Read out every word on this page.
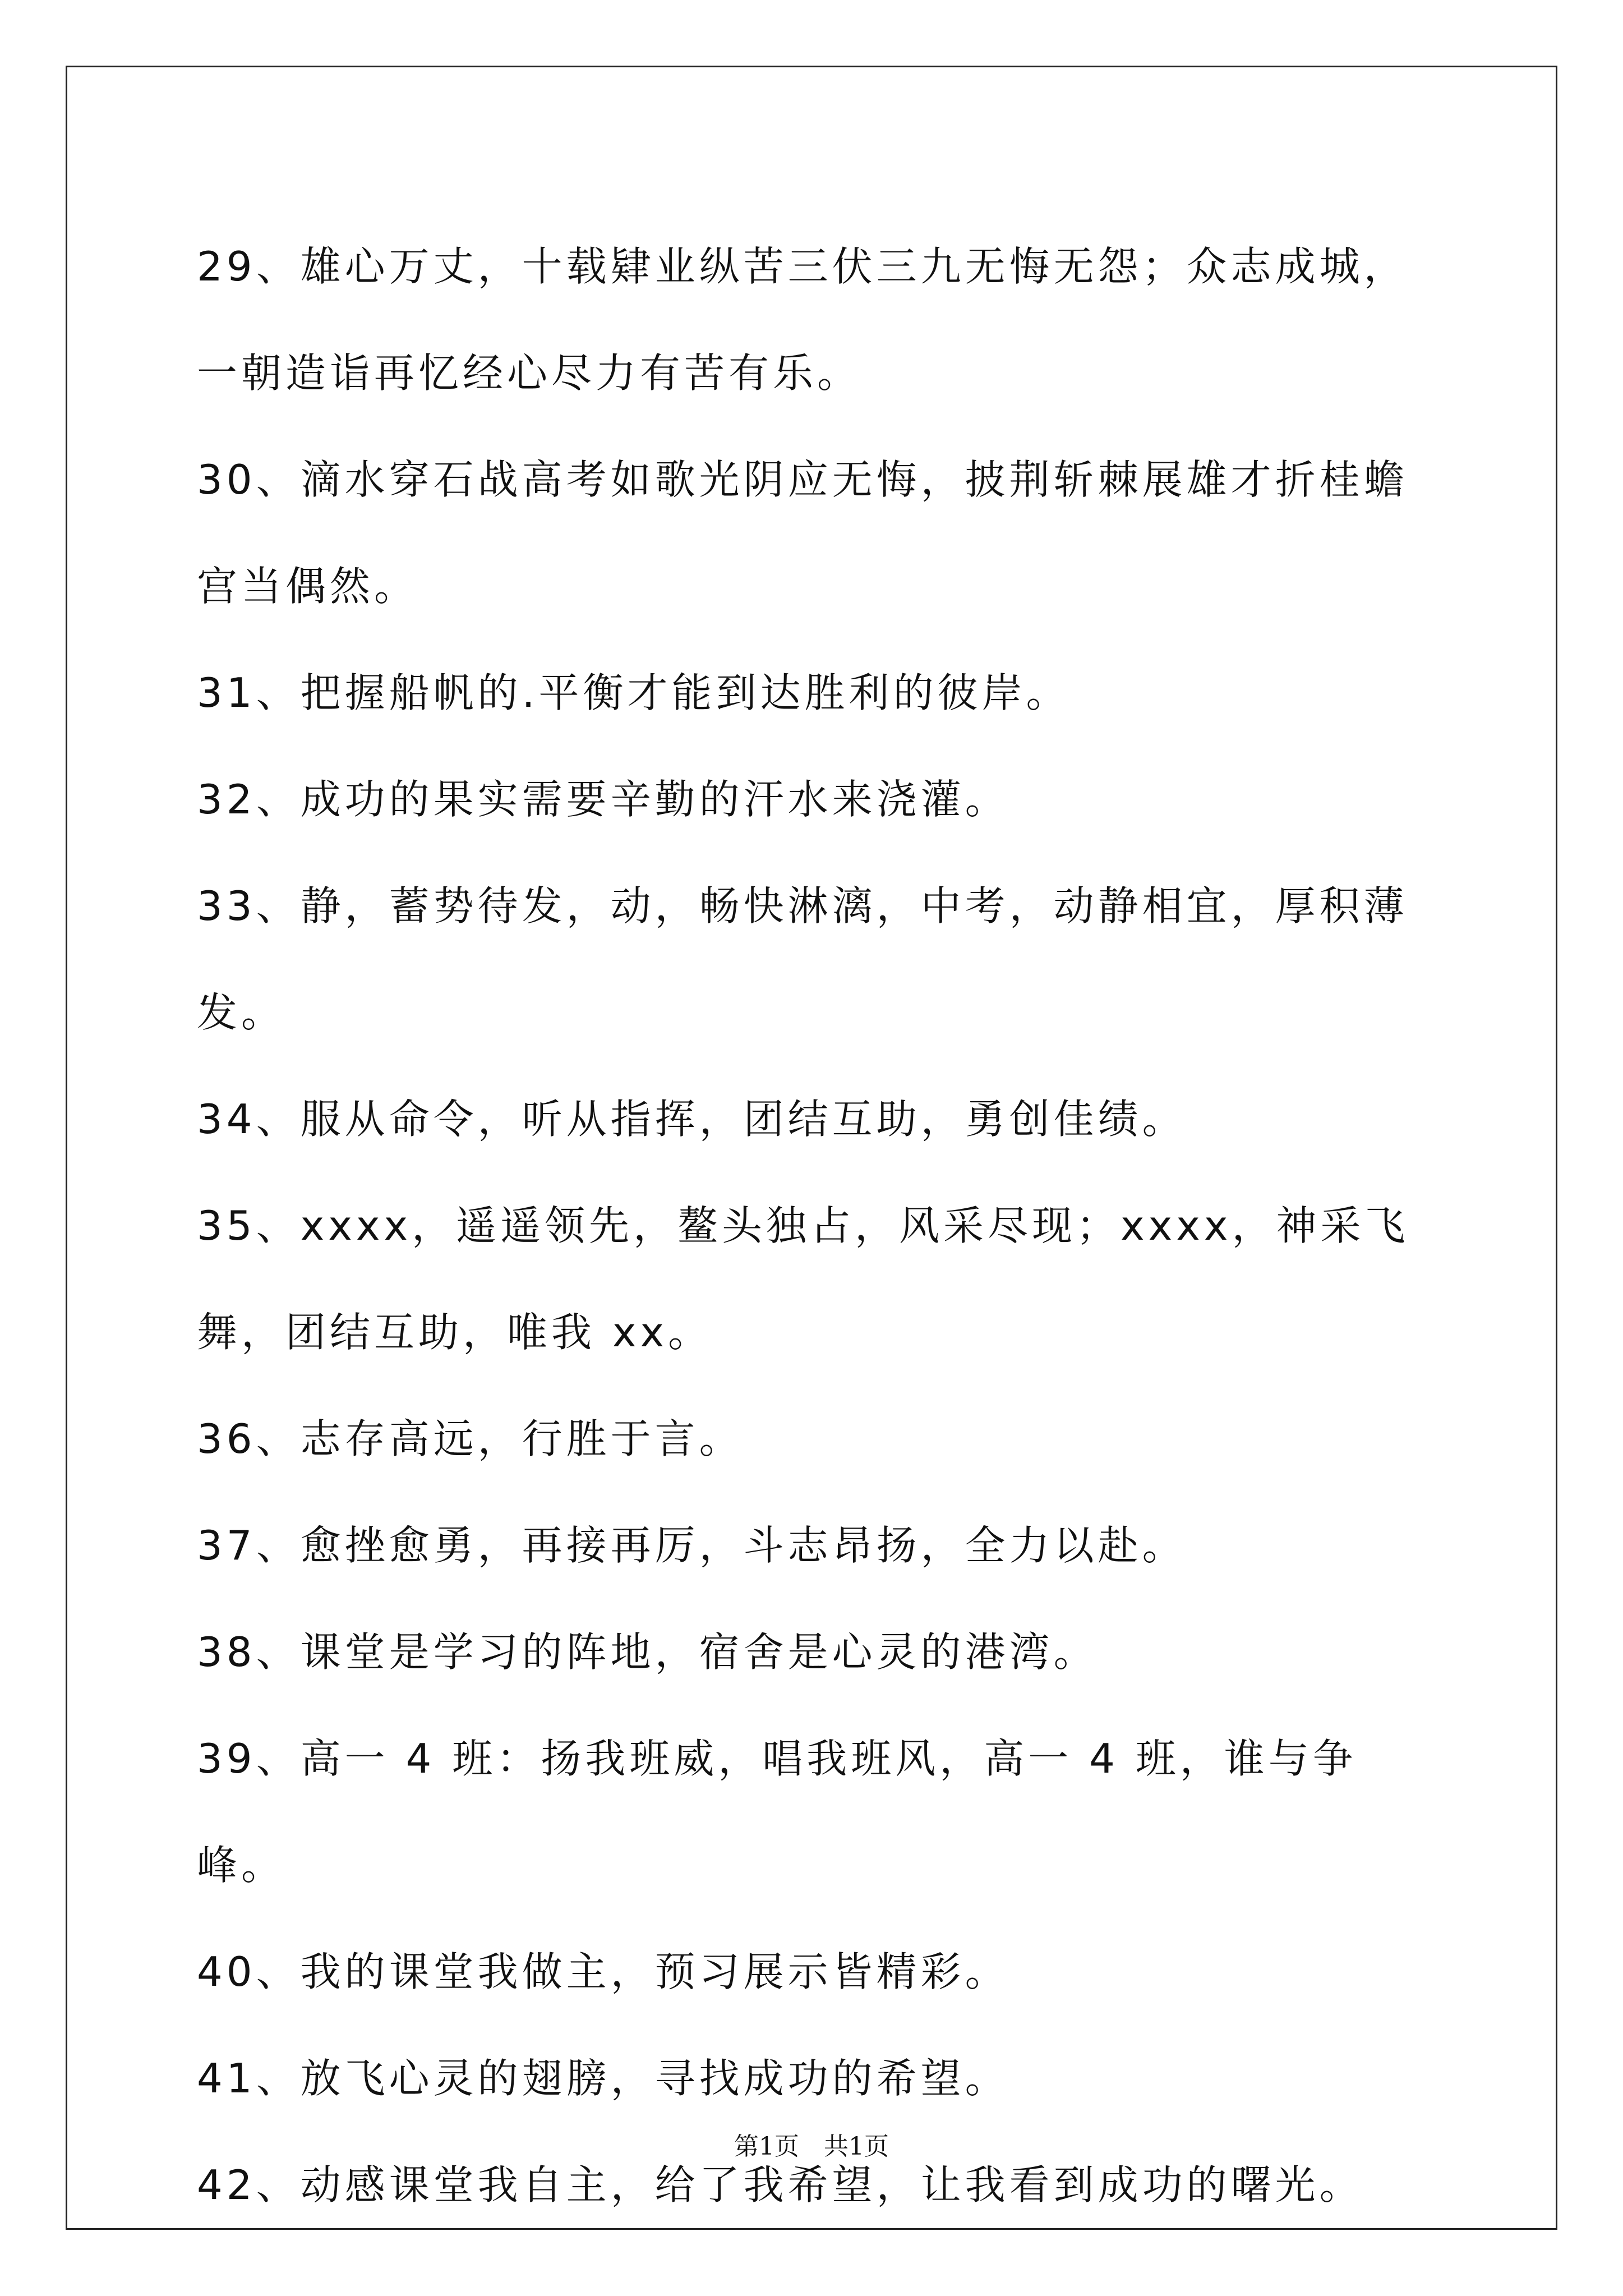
29、雄心万丈，十载肄业纵苦三伏三九无悔无怨；众志成城，一朝造诣再忆经心尽力有苦有乐。

30、滴水穿石战高考如歌光阴应无悔，披荆斩棘展雄才折桂蟾宫当偶然。

31、把握船帆的.平衡才能到达胜利的彼岸。

32、成功的果实需要辛勤的汗水来浇灌。

33、静，蓄势待发，动，畅快淋漓，中考，动静相宜，厚积薄发。

34、服从命令，听从指挥，团结互助，勇创佳绩。

35、xxxx，遥遥领先，鳌头独占，风采尽现；xxxx，神采飞舞，团结互助，唯我 xx。

36、志存高远，行胜于言。

37、愈挫愈勇，再接再厉，斗志昂扬，全力以赴。

38、课堂是学习的阵地，宿舍是心灵的港湾。

39、高一 4 班：扬我班威，唱我班风，高一 4 班，谁与争峰。

40、我的课堂我做主，预习展示皆精彩。

41、放飞心灵的翅膀，寻找成功的希望。

42、动感课堂我自主，给了我希望，让我看到成功的曙光。

第1页　共1页
